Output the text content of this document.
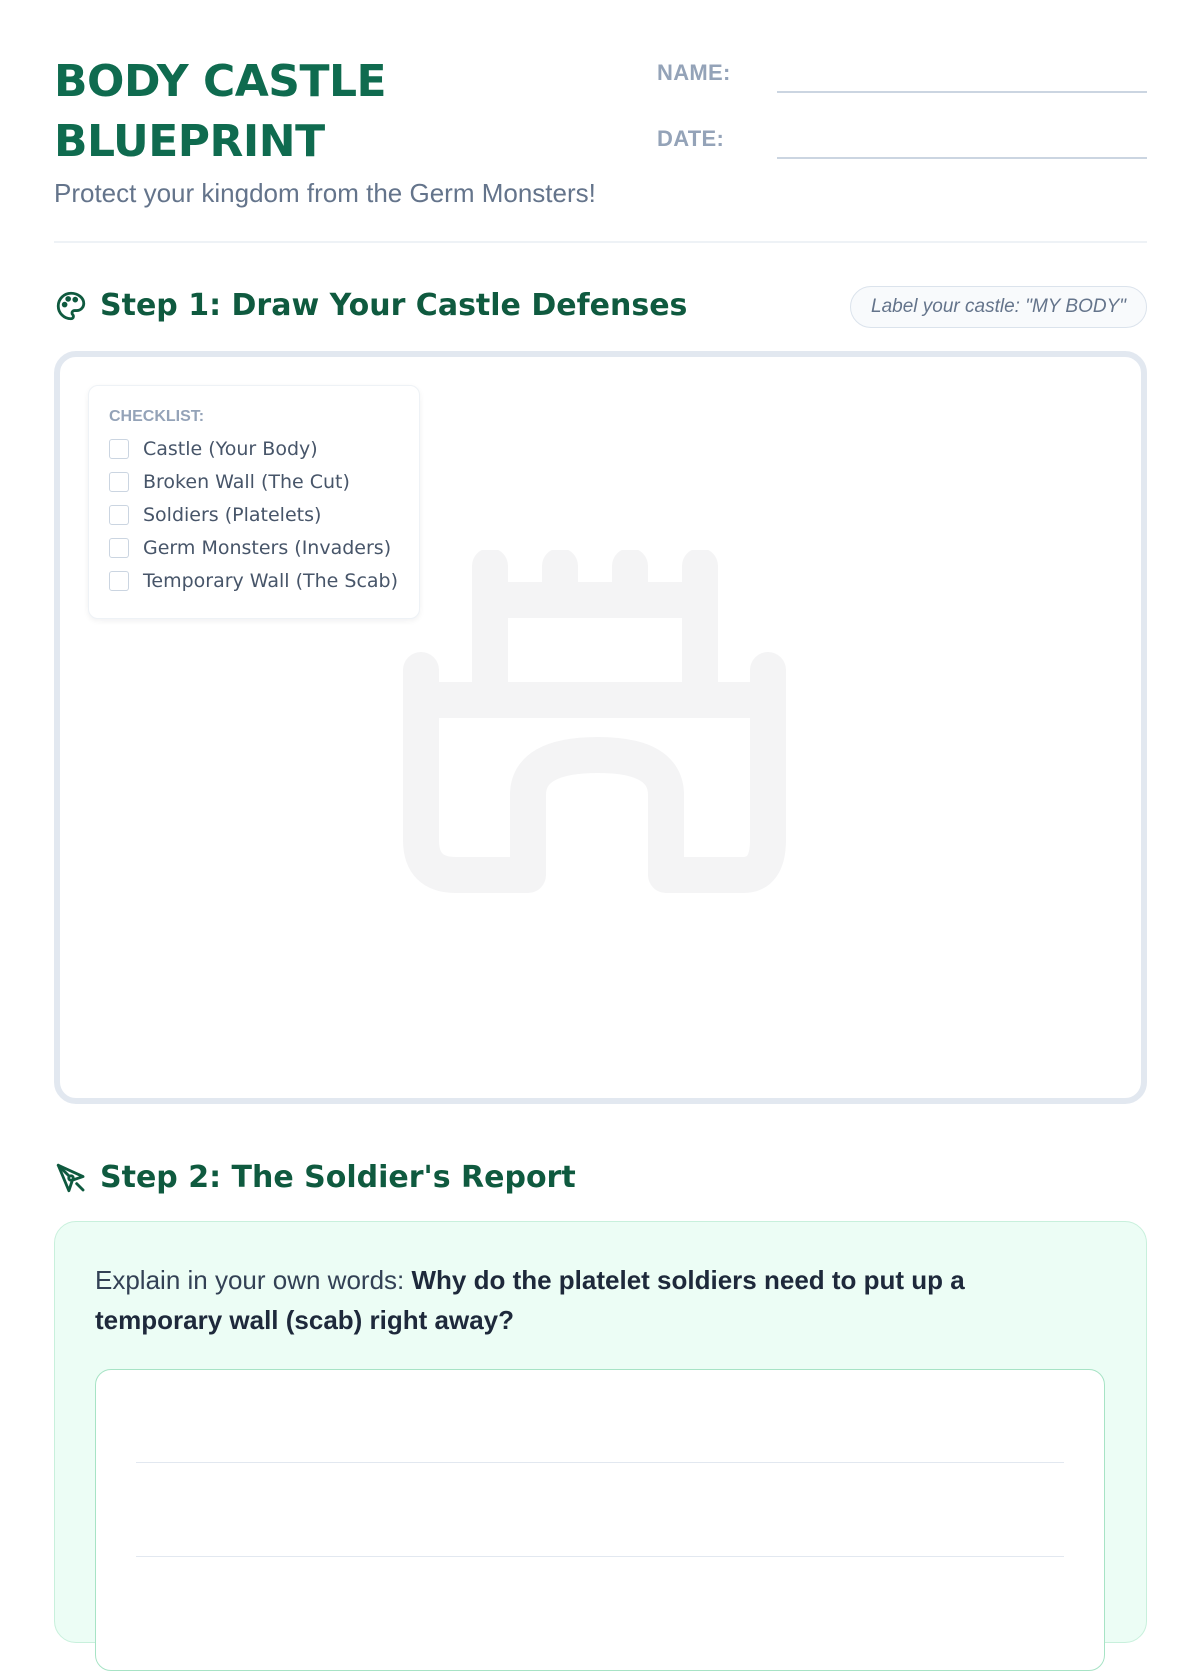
BODY CASTLE
BLUEPRINT
Protect your kingdom from the Germ Monsters!
NAME:
DATE:
Step 1: Draw Your Castle Defenses	Label your castle: "MY BODY"
CHECKLIST:
Castle (Your Body)
Broken Wall (The Cut)
Soldiers (Platelets)
Germ Monsters (Invaders)
Temporary Wall (The Scab)
Step 2: The Soldier's Report
Explain in your own words: Why do the platelet soldiers need to put up a temporary wall (scab) right away?
